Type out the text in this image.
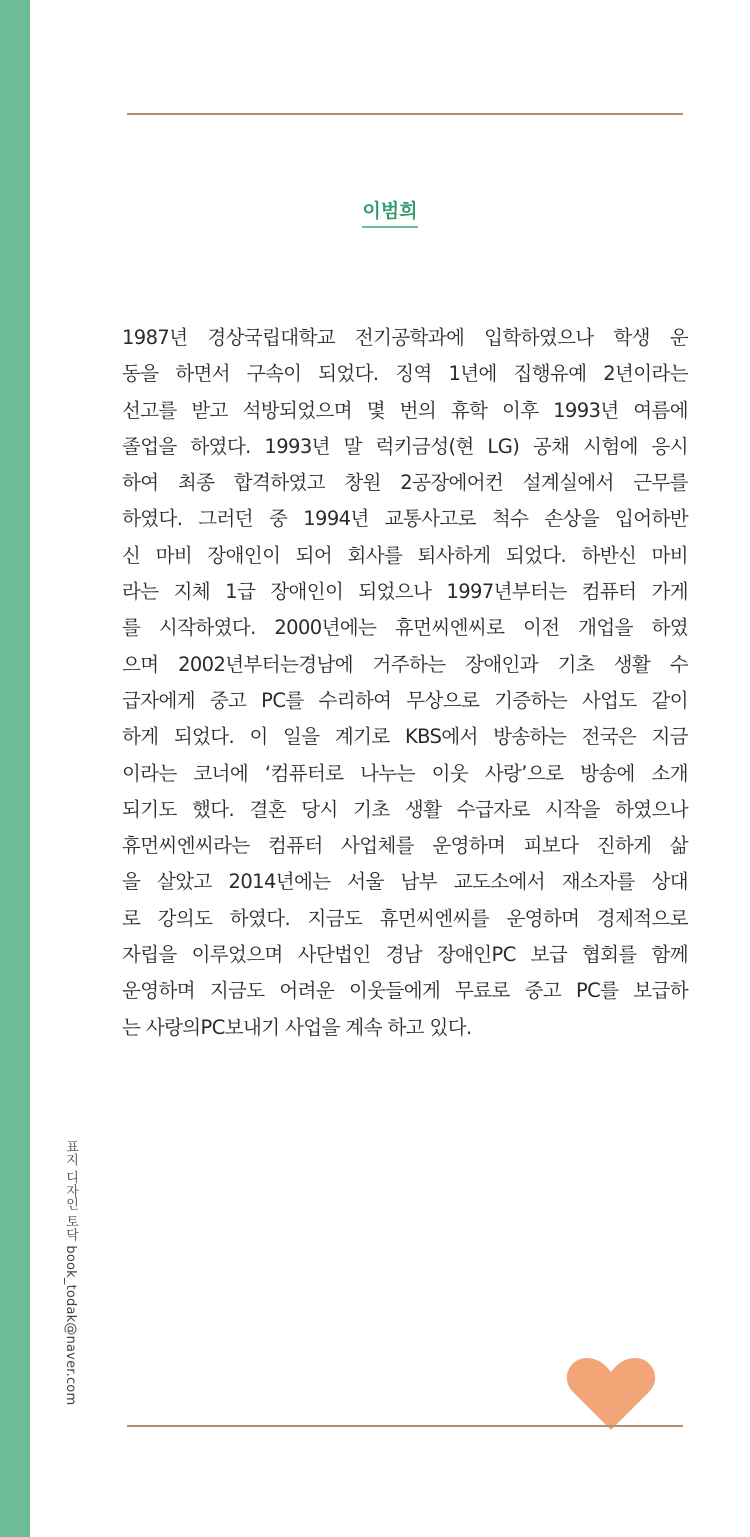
이범희

1987년 경상국립대학교 전기공학과에 입학하였으나 학생 운
동을 하면서 구속이 되었다. 징역 1년에 집행유예 2년이라는
선고를 받고 석방되었으며 몇 번의 휴학 이후 1993년 여름에
졸업을 하였다. 1993년 말 럭키금성(현 LG) 공채 시험에 응시
하여 최종 합격하였고 창원 2공장에어컨 설계실에서 근무를
하였다. 그러던 중 1994년 교통사고로 척수 손상을 입어하반
신 마비 장애인이 되어 회사를 퇴사하게 되었다. 하반신 마비
라는 지체 1급 장애인이 되었으나 1997년부터는 컴퓨터 가게
를 시작하였다. 2000년에는 휴먼씨엔씨로 이전 개업을 하였
으며 2002년부터는경남에 거주하는 장애인과 기초 생활 수
급자에게 중고 PC를 수리하여 무상으로 기증하는 사업도 같이
하게 되었다. 이 일을 계기로 KBS에서 방송하는 전국은 지금
이라는 코너에 ‘컴퓨터로 나누는 이웃 사랑’으로 방송에 소개
되기도 했다. 결혼 당시 기초 생활 수급자로 시작을 하였으나
휴먼씨엔씨라는 컴퓨터 사업체를 운영하며 피보다 진하게 삶
을 살았고 2014년에는 서울 남부 교도소에서 재소자를 상대
로 강의도 하였다. 지금도 휴먼씨엔씨를 운영하며 경제적으로
자립을 이루었으며 사단법인 경남 장애인PC 보급 협회를 함께
운영하며 지금도 어려운 이웃들에게 무료로 중고 PC를 보급하
는 사랑의PC보내기 사업을 계속 하고 있다.

표지 디자인 토닥 book_todak@naver.com
